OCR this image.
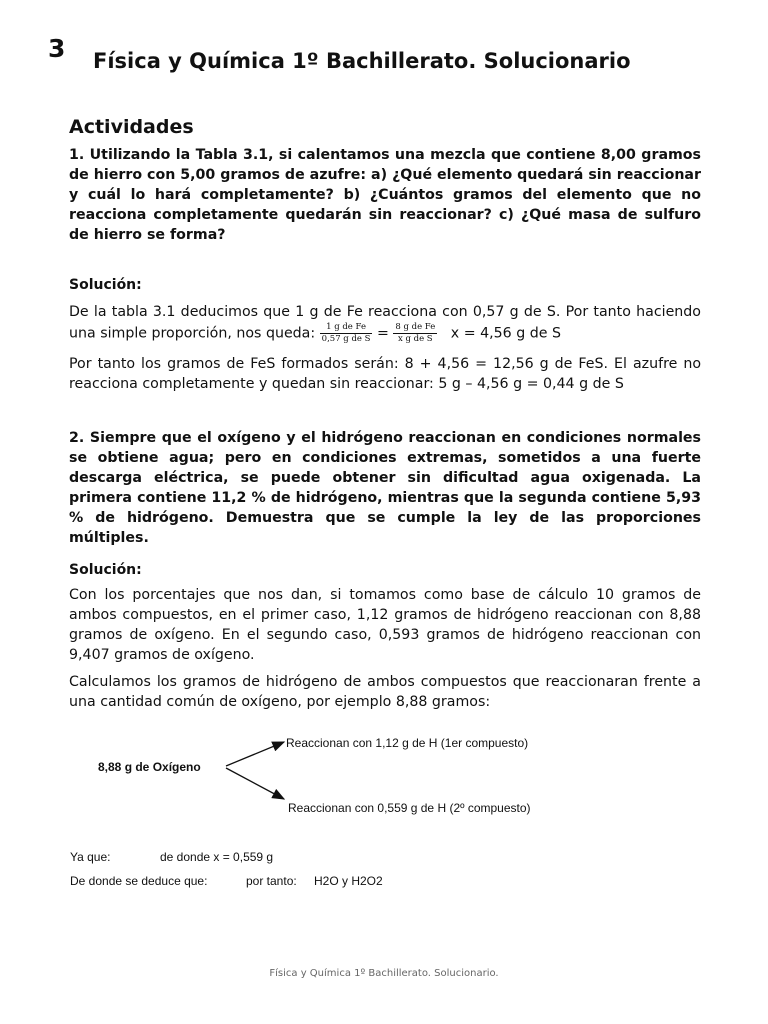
3 Física y Química 1º Bachillerato. Solucionario
Actividades
1. Utilizando la Tabla 3.1, si calentamos una mezcla que contiene 8,00 gramos de hierro con 5,00 gramos de azufre: a) ¿Qué elemento quedará sin reaccionar y cuál lo hará completamente? b) ¿Cuántos gramos del elemento que no reacciona completamente quedarán sin reaccionar? c) ¿Qué masa de sulfuro de hierro se forma?
Solución:
De la tabla 3.1 deducimos que 1 g de Fe reacciona con 0,57 g de S. Por tanto haciendo una simple proporción, nos queda: $\frac{\text{1 g de Fe}}{\text{0,57 g de S}} = \frac{\text{8 g de Fe}}{\text{x g de S}}$ x = 4,56 g de S
Por tanto los gramos de FeS formados serán: 8 + 4,56 = 12,56 g de FeS. El azufre no reacciona completamente y quedan sin reaccionar: 5 g – 4,56 g = 0,44 g de S
2. Siempre que el oxígeno y el hidrógeno reaccionan en condiciones normales se obtiene agua; pero en condiciones extremas, sometidos a una fuerte descarga eléctrica, se puede obtener sin dificultad agua oxigenada. La primera contiene 11,2 % de hidrógeno, mientras que la segunda contiene 5,93 % de hidrógeno. Demuestra que se cumple la ley de las proporciones múltiples.
Solución:
Con los porcentajes que nos dan, si tomamos como base de cálculo 10 gramos de ambos compuestos, en el primer caso, 1,12 gramos de hidrógeno reaccionan con 8,88 gramos de oxígeno. En el segundo caso, 0,593 gramos de hidrógeno reaccionan con 9,407 gramos de oxígeno.
Calculamos los gramos de hidrógeno de ambos compuestos que reaccionaran frente a una cantidad común de oxígeno, por ejemplo 8,88 gramos:
8,88 g de Oxígeno
Reaccionan con 1,12 g de H (1er compuesto)
Reaccionan con 0,559 g de H (2º compuesto)
Ya que:	de donde x = 0,559 g
De donde se deduce que:	por tanto: H2O y H2O2
Física y Química 1º Bachillerato. Solucionario.
